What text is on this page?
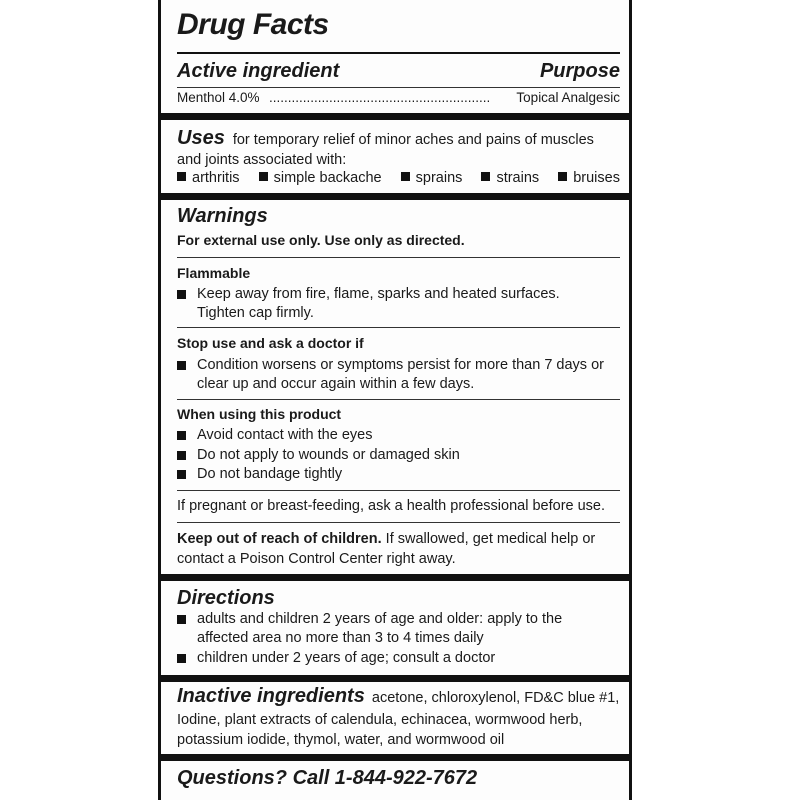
Drug Facts
Active ingredient	Purpose
Menthol 4.0% ...........................................................	Topical Analgesic
Uses for temporary relief of minor aches and pains of muscles
and joints associated with:
arthritis	simple backache	sprains	strains	bruises
Warnings
For external use only. Use only as directed.
Flammable
Keep away from fire, flame, sparks and heated surfaces.
Tighten cap firmly.
Stop use and ask a doctor if
Condition worsens or symptoms persist for more than 7 days or
clear up and occur again within a few days.
When using this product
Avoid contact with the eyes
Do not apply to wounds or damaged skin
Do not bandage tightly
If pregnant or breast-feeding, ask a health professional before use.
Keep out of reach of children. If swallowed, get medical help or
contact a Poison Control Center right away.
Directions
adults and children 2 years of age and older: apply to the
affected area no more than 3 to 4 times daily
children under 2 years of age; consult a doctor
Inactive ingredients acetone, chloroxylenol, FD&C blue #1,
Iodine, plant extracts of calendula, echinacea, wormwood herb,
potassium iodide, thymol, water, and wormwood oil
Questions? Call 1-844-922-7672
